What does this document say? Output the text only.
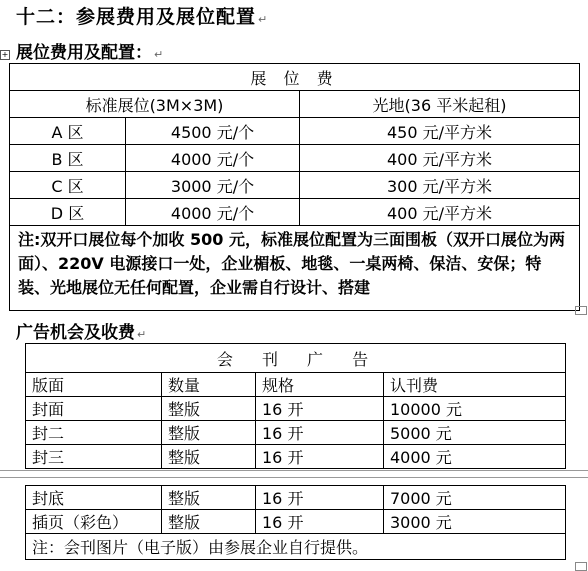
十二：参展费用及展位配置 ↵
+ 展位费用及配置： ↵
展 位 费		
标准展位(3M×3M)		光地(36 平米起租)
A 区	4500 元/个	450 元/平方米
B 区	4000 元/个	400 元/平方米
C 区	3000 元/个	300 元/平方米
D 区	4000 元/个	400 元/平方米
注:双开口展位每个加收 500 元，标准展位配置为三面围板（双开口展位为两面）、220V 电源接口一处，企业楣板、地毯、一桌两椅、保洁、安保；特装、光地展位无任何配置，企业需自行设计、搭建		
广告机会及收费 ↵
会 刊 广 告			
版面	数量	规格	认刊费
封面	整版	16 开	10000 元
封二	整版	16 开	5000 元
封三	整版	16 开	4000 元
封底	整版	16 开	7000 元
插页（彩色）	整版	16 开	3000 元
注：会刊图片（电子版）由参展企业自行提供。			
